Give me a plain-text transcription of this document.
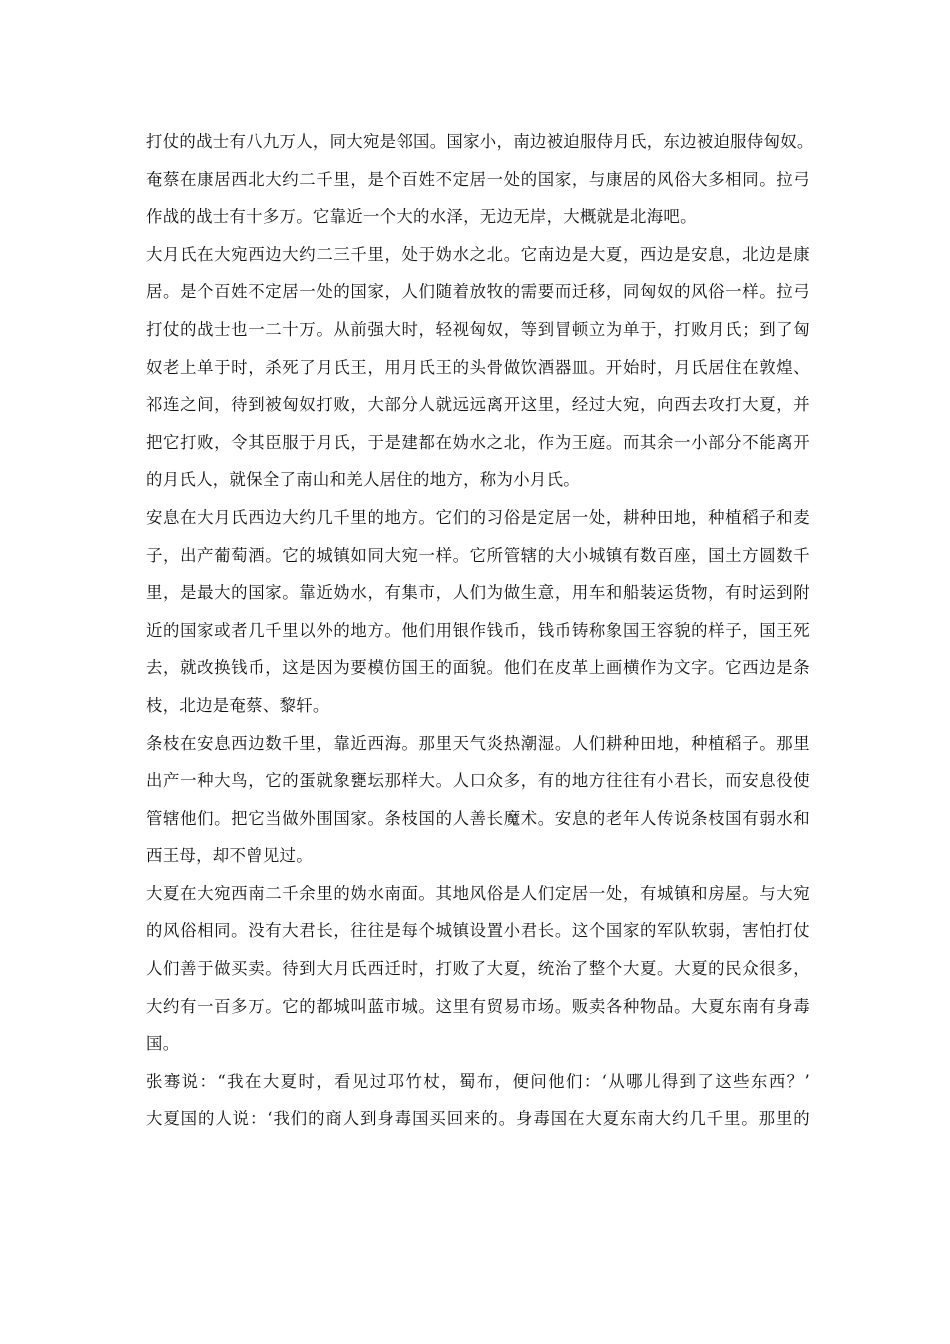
打仗的战士有八九万人，同大宛是邻国。国家小，南边被迫服侍月氏，东边被迫服侍匈奴。
奄蔡在康居西北大约二千里，是个百姓不定居一处的国家，与康居的风俗大多相同。拉弓
作战的战士有十多万。它靠近一个大的水泽，无边无岸，大概就是北海吧。
大月氏在大宛西边大约二三千里，处于妫水之北。它南边是大夏，西边是安息，北边是康
居。是个百姓不定居一处的国家，人们随着放牧的需要而迁移，同匈奴的风俗一样。拉弓
打仗的战士也一二十万。从前强大时，轻视匈奴，等到冒顿立为单于，打败月氏；到了匈
奴老上单于时，杀死了月氏王，用月氏王的头骨做饮酒器皿。开始时，月氏居住在敦煌、
祁连之间，待到被匈奴打败，大部分人就远远离开这里，经过大宛，向西去攻打大夏，并
把它打败，令其臣服于月氏，于是建都在妫水之北，作为王庭。而其余一小部分不能离开
的月氏人，就保全了南山和羌人居住的地方，称为小月氏。
安息在大月氏西边大约几千里的地方。它们的习俗是定居一处，耕种田地，种植稻子和麦
子，出产葡萄酒。它的城镇如同大宛一样。它所管辖的大小城镇有数百座，国土方圆数千
里，是最大的国家。靠近妫水，有集市，人们为做生意，用车和船装运货物，有时运到附
近的国家或者几千里以外的地方。他们用银作钱币，钱币铸称象国王容貌的样子，国王死
去，就改换钱币，这是因为要模仿国王的面貌。他们在皮革上画横作为文字。它西边是条
枝，北边是奄蔡、黎轩。
条枝在安息西边数千里，靠近西海。那里天气炎热潮湿。人们耕种田地，种植稻子。那里
出产一种大鸟，它的蛋就象甕坛那样大。人口众多，有的地方往往有小君长，而安息役使
管辖他们。把它当做外围国家。条枝国的人善长魔术。安息的老年人传说条枝国有弱水和
西王母，却不曾见过。
大夏在大宛西南二千余里的妫水南面。其地风俗是人们定居一处，有城镇和房屋。与大宛
的风俗相同。没有大君长，往往是每个城镇设置小君长。这个国家的军队软弱，害怕打仗
人们善于做买卖。待到大月氏西迁时，打败了大夏，统治了整个大夏。大夏的民众很多，
大约有一百多万。它的都城叫蓝市城。这里有贸易市场。贩卖各种物品。大夏东南有身毒
国。
张骞说：“我在大夏时，看见过邛竹杖，蜀布，便问他们：‘从哪儿得到了这些东西？’
大夏国的人说：‘我们的商人到身毒国买回来的。身毒国在大夏东南大约几千里。那里的
